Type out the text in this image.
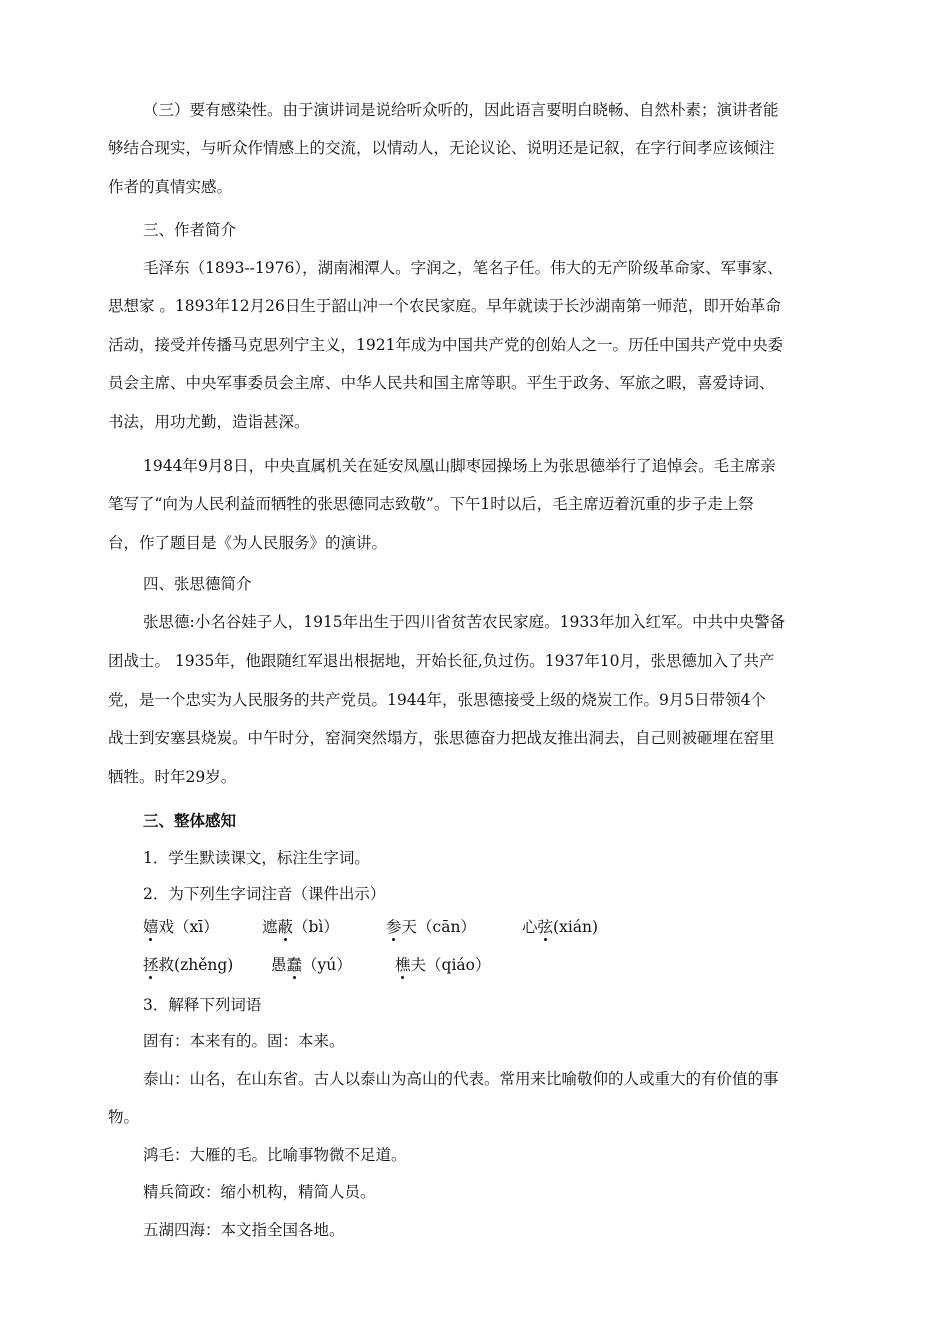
（三）要有感染性。由于演讲词是说给听众听的，因此语言要明白晓畅、自然朴素；演讲者能
够结合现实，与听众作情感上的交流，以情动人，无论议论、说明还是记叙，在字行间孝应该倾注
作者的真情实感。
三、作者简介
毛泽东（1893--1976），湖南湘潭人。字润之，笔名子任。伟大的无产阶级革命家、军事家、
思想家 。1893年12月26日生于韶山冲一个农民家庭。早年就读于长沙湖南第一师范，即开始革命
活动，接受并传播马克思列宁主义，1921年成为中国共产党的创始人之一。历任中国共产党中央委
员会主席、中央军事委员会主席、中华人民共和国主席等职。平生于政务、军旅之暇，喜爱诗词、
书法，用功尤勤，造诣甚深。
1944年9月8日，中央直属机关在延安凤凰山脚枣园操场上为张思德举行了追悼会。毛主席亲
笔写了“向为人民利益而牺牲的张思德同志致敬”。下午1时以后，毛主席迈着沉重的步子走上祭
台，作了题目是《为人民服务》的演讲。
四、张思德简介
张思德:小名谷娃子人，1915年出生于四川省贫苦农民家庭。1933年加入红军。中共中央警备
团战士。 1935年，他跟随红军退出根据地，开始长征,负过伤。1937年10月，张思德加入了共产
党，是一个忠实为人民服务的共产党员。1944年，张思德接受上级的烧炭工作。9月5日带领4个
战士到安塞县烧炭。中午时分，窑洞突然塌方，张思德奋力把战友推出洞去，自己则被砸埋在窑里
牺牲。时年29岁。
三、整体感知
1．学生默读课文，标注生字词。
2．为下列生字词注音（课件出示）
嬉戏（xī）	遮蔽（bì）	参天（cān）	心弦(xián)
拯救(zhěng) 愚蠢（yú）	樵夫（qiáo）
3．解释下列词语
固有：本来有的。固：本来。
泰山：山名，在山东省。古人以泰山为高山的代表。常用来比喻敬仰的人或重大的有价值的事
物。
鸿毛：大雁的毛。比喻事物微不足道。
精兵简政：缩小机构，精简人员。
五湖四海：本文指全国各地。
